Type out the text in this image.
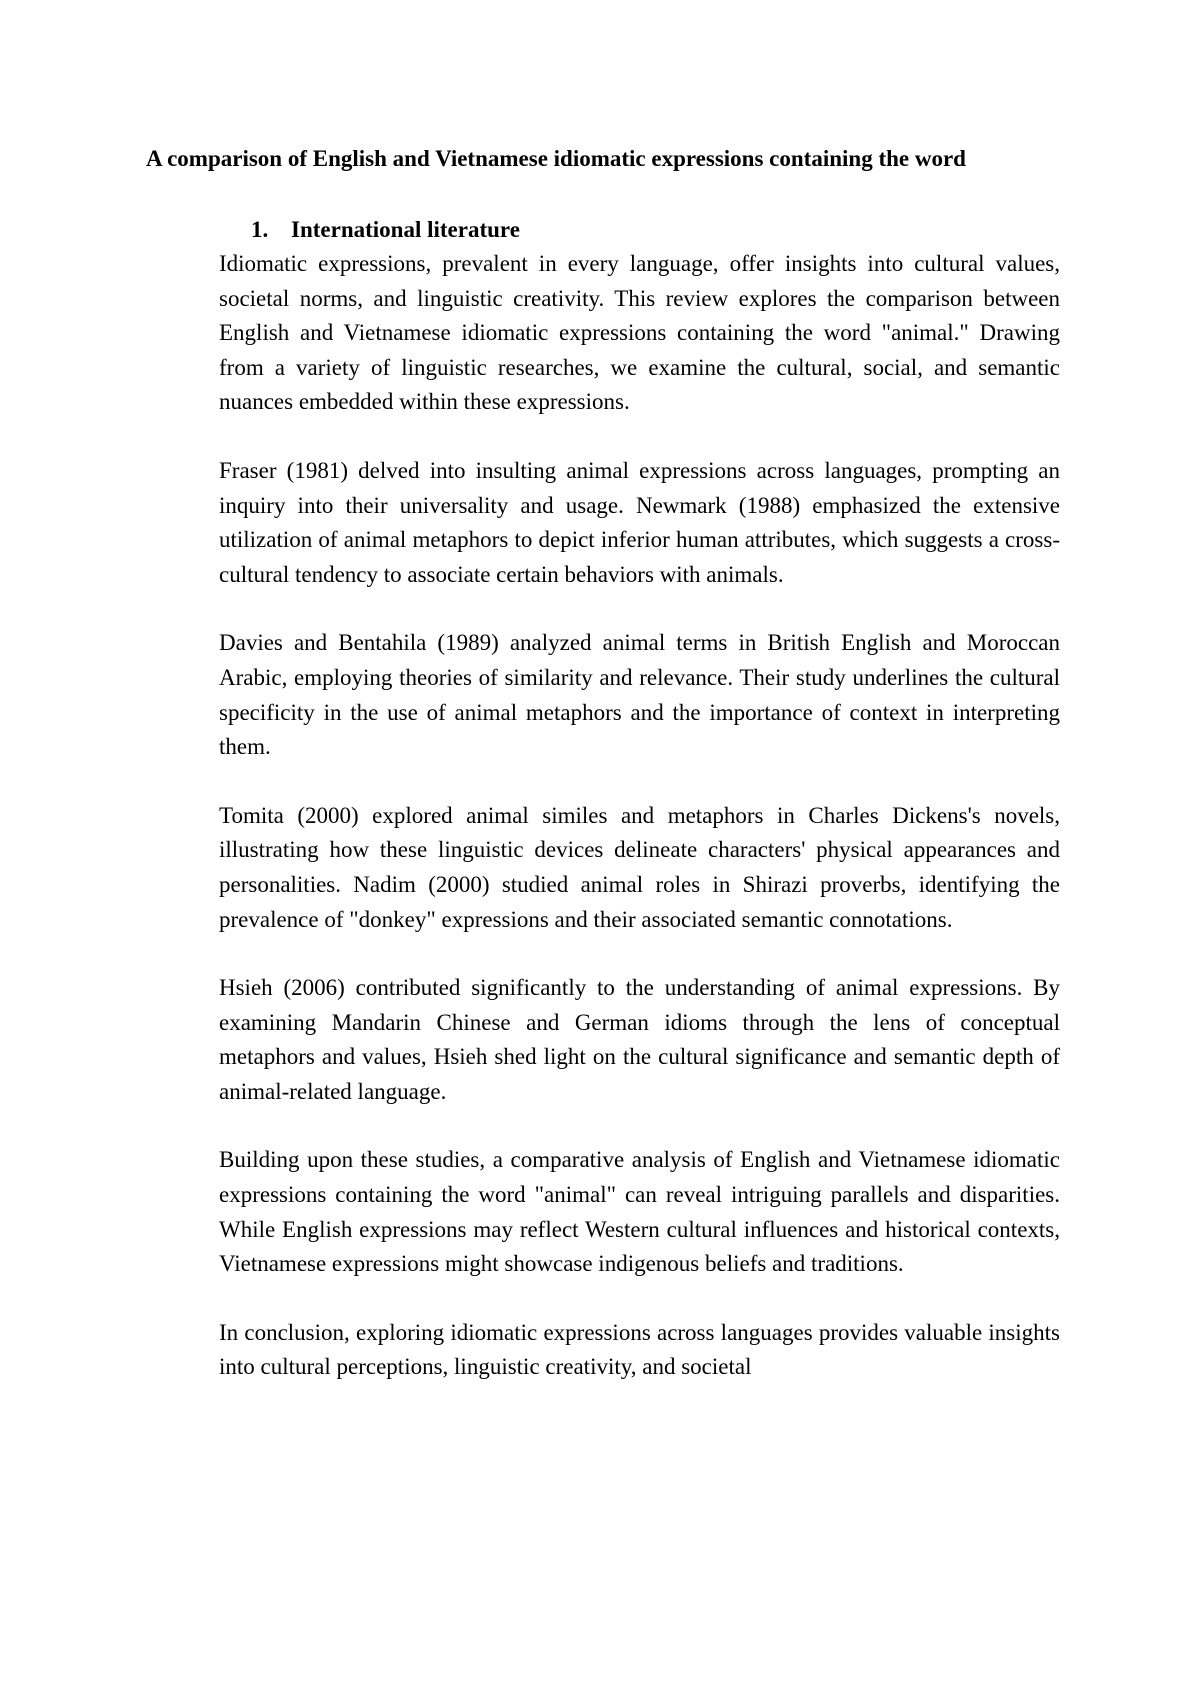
A comparison of English and Vietnamese idiomatic expressions containing the word
1. International literature

Idiomatic expressions, prevalent in every language, offer insights into cultural values, societal norms, and linguistic creativity. This review explores the comparison between English and Vietnamese idiomatic expressions containing the word "animal." Drawing from a variety of linguistic researches, we examine the cultural, social, and semantic nuances embedded within these expressions.

Fraser (1981) delved into insulting animal expressions across languages, prompting an inquiry into their universality and usage. Newmark (1988) emphasized the extensive utilization of animal metaphors to depict inferior human attributes, which suggests a cross-cultural tendency to associate certain behaviors with animals.

Davies and Bentahila (1989) analyzed animal terms in British English and Moroccan Arabic, employing theories of similarity and relevance. Their study underlines the cultural specificity in the use of animal metaphors and the importance of context in interpreting them.

Tomita (2000) explored animal similes and metaphors in Charles Dickens's novels, illustrating how these linguistic devices delineate characters' physical appearances and personalities. Nadim (2000) studied animal roles in Shirazi proverbs, identifying the prevalence of "donkey" expressions and their associated semantic connotations.

Hsieh (2006) contributed significantly to the understanding of animal expressions. By examining Mandarin Chinese and German idioms through the lens of conceptual metaphors and values, Hsieh shed light on the cultural significance and semantic depth of animal-related language.

Building upon these studies, a comparative analysis of English and Vietnamese idiomatic expressions containing the word "animal" can reveal intriguing parallels and disparities. While English expressions may reflect Western cultural influences and historical contexts, Vietnamese expressions might showcase indigenous beliefs and traditions.

In conclusion, exploring idiomatic expressions across languages provides valuable insights into cultural perceptions, linguistic creativity, and societal
